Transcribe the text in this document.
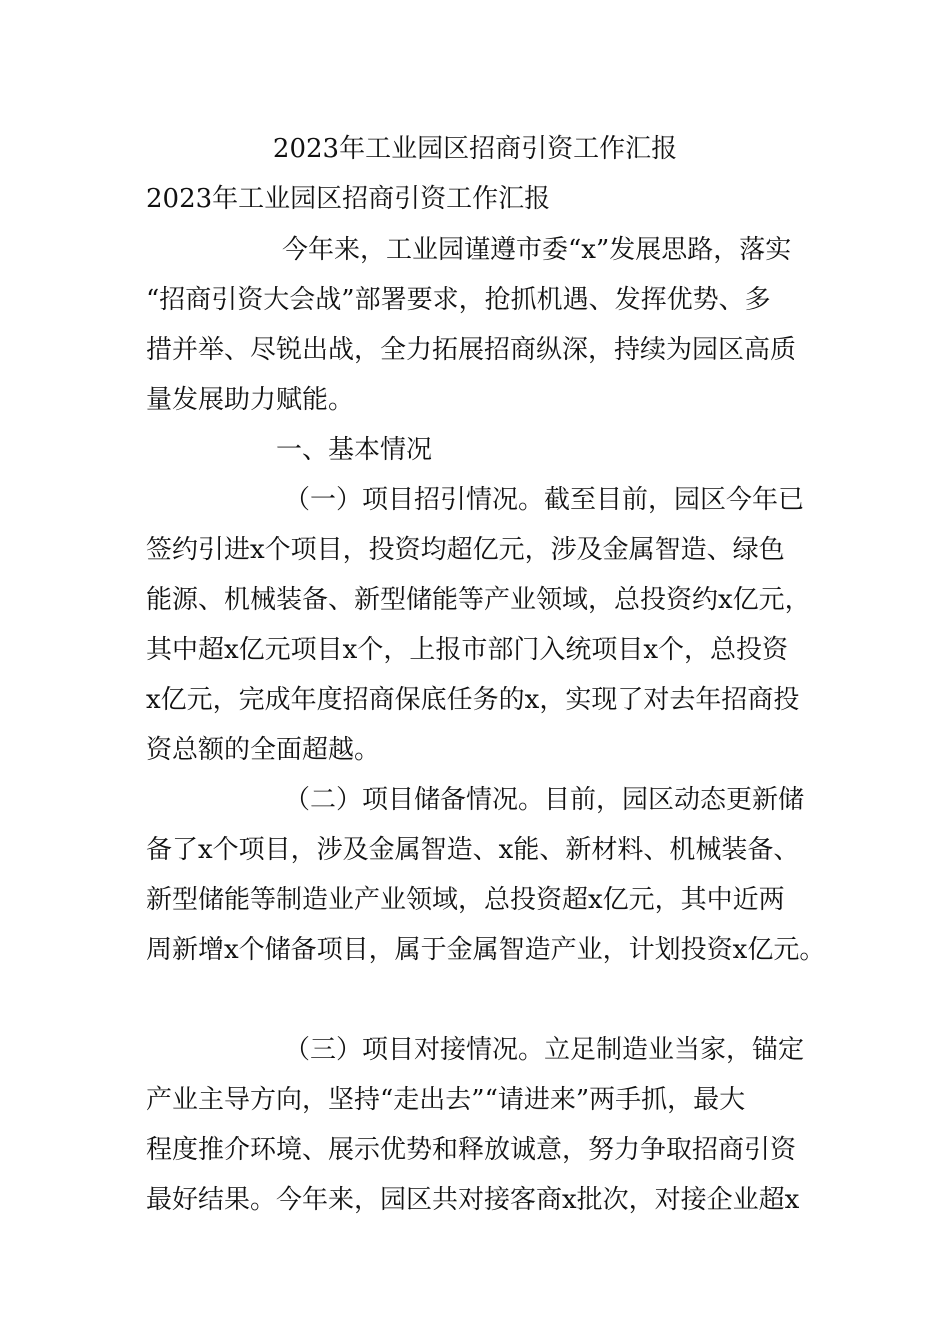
2023年工业园区招商引资工作汇报
2023年工业园区招商引资工作汇报
今年来，工业园谨遵市委“x”发展思路，落实
“招商引资大会战”部署要求，抢抓机遇、发挥优势、多
措并举、尽锐出战，全力拓展招商纵深，持续为园区高质
量发展助力赋能。
一、基本情况
（一）项目招引情况。截至目前，园区今年已
签约引进x个项目，投资均超亿元，涉及金属智造、绿色
能源、机械装备、新型储能等产业领域，总投资约x亿元，
其中超x亿元项目x个，上报市部门入统项目x个，总投资
x亿元，完成年度招商保底任务的x，实现了对去年招商投
资总额的全面超越。
（二）项目储备情况。目前，园区动态更新储
备了x个项目，涉及金属智造、x能、新材料、机械装备、
新型储能等制造业产业领域，总投资超x亿元，其中近两
周新增x个储备项目，属于金属智造产业，计划投资x亿元。
（三）项目对接情况。立足制造业当家，锚定
产业主导方向，坚持“走出去”“请进来”两手抓，最大
程度推介环境、展示优势和释放诚意，努力争取招商引资
最好结果。今年来，园区共对接客商x批次，对接企业超x
